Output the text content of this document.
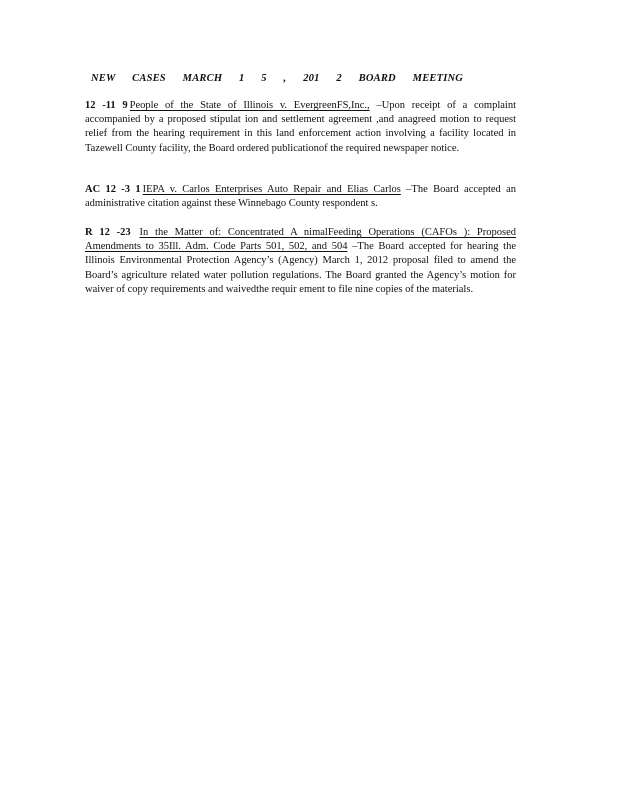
NEW CASES MARCH 1 5 , 201 2 BOARD MEETING
12 -11 9 People of the State of Illinois v. EvergreenFS,Inc., –Upon receipt of a complaint accompanied by a proposed stipulat ion and settlement agreement ,and anagreed motion to request relief from the hearing requirement in this land enforcement action involving a facility located in Tazewell County facility, the Board ordered publicationof the required newspaper notice.
AC 12 -3 1 IEPA v. Carlos Enterprises Auto Repair and Elias Carlos –The Board accepted an administrative citation against these Winnebago County respondent s.
R 12 -23 In the Matter of: Concentrated A nimalFeeding Operations (CAFOs ): Proposed Amendments to 35Ill. Adm. Code Parts 501, 502, and 504 –The Board accepted for hearing the Illinois Environmental Protection Agency’s (Agency) March 1, 2012 proposal filed to amend the Board’s agriculture related water pollution regulations. The Board granted the Agency’s motion for waiver of copy requirements and waivedthe requir ement to file nine copies of the materials.
